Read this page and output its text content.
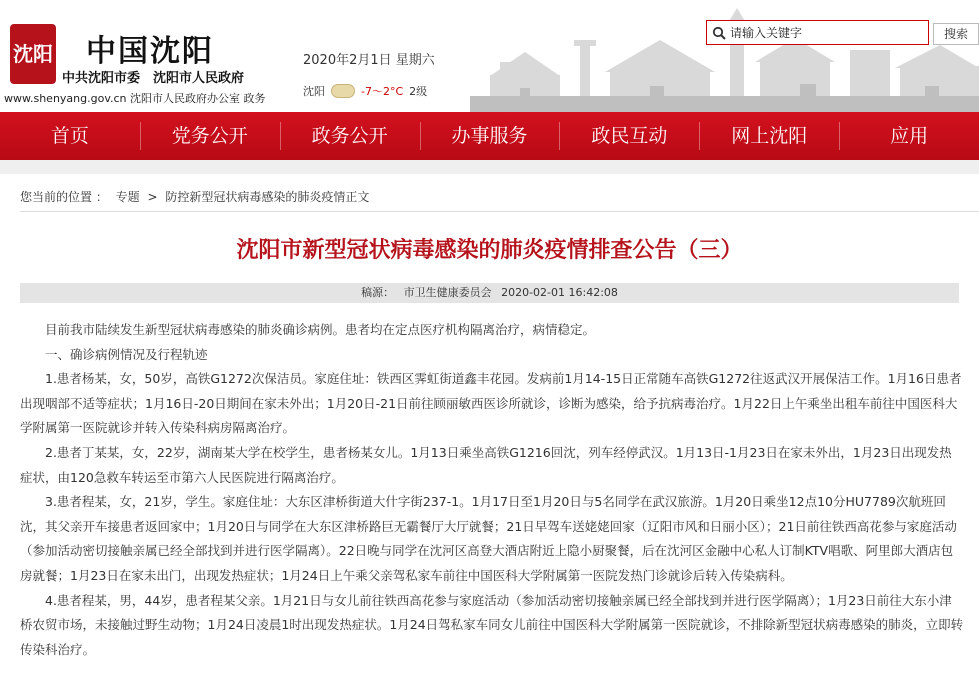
沈阳 中国沈阳
中共沈阳市委　沈阳市人民政府
www.shenyang.gov.cn 沈阳市人民政府办公室 政务
2020年2月1日 星期六
沈阳	-7～2°C 2级
请输入关键字
搜索
首页	党务公开	政务公开	办事服务	政民互动	网上沈阳	应用
您当前的位置 ： 专题 > 防控新型冠状病毒感染的肺炎疫情正文
沈阳市新型冠状病毒感染的肺炎疫情排查公告（三）
稿源： 市卫生健康委员会 2020-02-01 16:42:08

目前我市陆续发生新型冠状病毒感染的肺炎确诊病例。患者均在定点医疗机构隔离治疗，病情稳定。

一、确诊病例情况及行程轨迹

1.患者杨某，女，50岁，高铁G1272次保洁员。家庭住址：铁西区霁虹街道鑫丰花园。发病前1月14-15日正常随车高铁G1272往返武汉开展保洁工作。1月16日患者出现咽部不适等症状；1月16日-20日期间在家未外出；1月20日-21日前往顾丽敏西医诊所就诊，诊断为感染，给予抗病毒治疗。1月22日上午乘坐出租车前往中国医科大学附属第一医院就诊并转入传染科病房隔离治疗。

2.患者丁某某，女，22岁，湖南某大学在校学生，患者杨某女儿。1月13日乘坐高铁G1216回沈，列车经停武汉。1月13日-1月23日在家未外出，1月23日出现发热症状，由120急救车转运至市第六人民医院进行隔离治疗。

3.患者程某，女，21岁，学生。家庭住址：大东区津桥街道大什字街237-1。1月17日至1月20日与5名同学在武汉旅游。1月20日乘坐12点10分HU7789次航班回沈，其父亲开车接患者返回家中；1月20日与同学在大东区津桥路巨无霸餐厅大厅就餐；21日早驾车送姥姥回家（辽阳市风和日丽小区）；21日前往铁西高花参与家庭活动（参加活动密切接触亲属已经全部找到并进行医学隔离）。22日晚与同学在沈河区高登大酒店附近上隐小厨聚餐，后在沈河区金融中心私人订制KTV唱歌、阿里郎大酒店包房就餐；1月23日在家未出门，出现发热症状；1月24日上午乘父亲驾私家车前往中国医科大学附属第一医院发热门诊就诊后转入传染病科。

4.患者程某，男，44岁，患者程某父亲。1月21日与女儿前往铁西高花参与家庭活动（参加活动密切接触亲属已经全部找到并进行医学隔离）；1月23日前往大东小津桥农贸市场，未接触过野生动物；1月24日凌晨1时出现发热症状。1月24日驾私家车同女儿前往中国医科大学附属第一医院就诊，不排除新型冠状病毒感染的肺炎，立即转传染科治疗。
